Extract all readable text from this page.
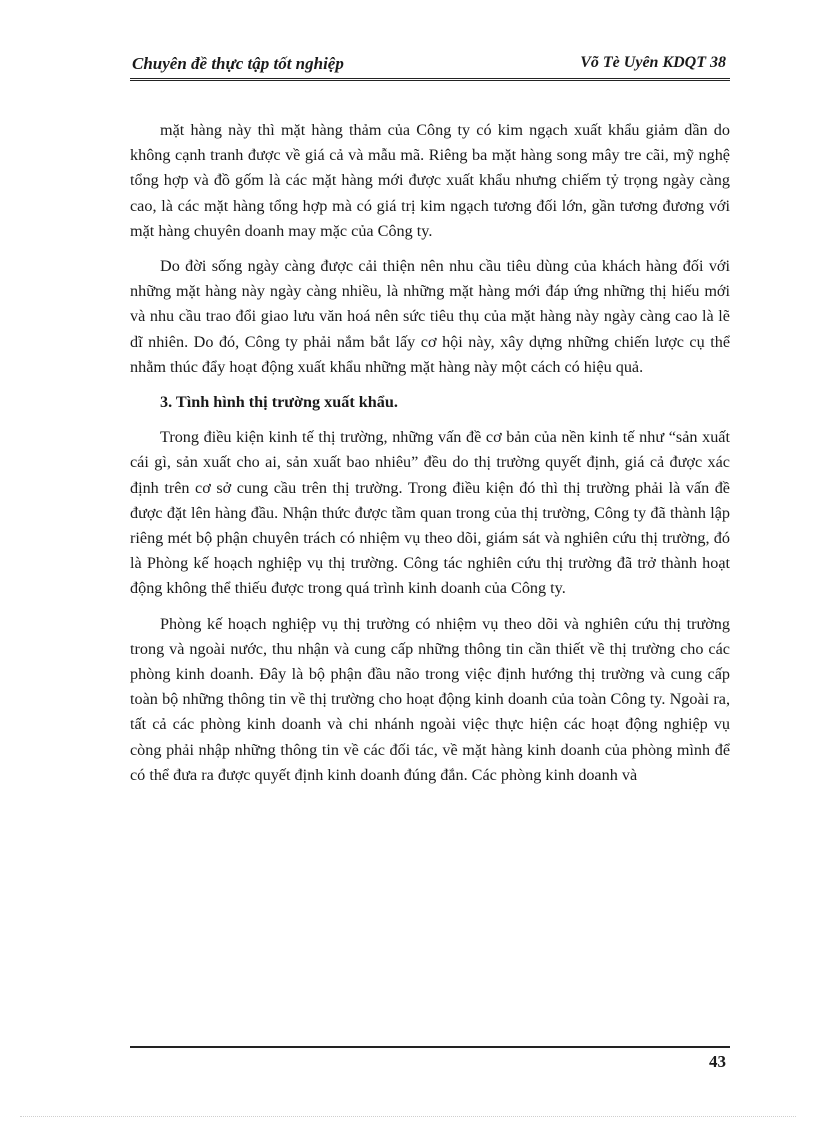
Chuyên đề thực tập tốt nghiệp	Võ Tè Uyên KDQT 38

mặt hàng này thì mặt hàng thảm của Công ty có kim ngạch xuất khẩu giảm dần do không cạnh tranh được về giá cả và mẫu mã. Riêng ba mặt hàng song mây tre cãi, mỹ nghệ tổng hợp và đồ gốm là các mặt hàng mới được xuất khẩu nhưng chiếm tỷ trọng ngày càng cao, là các mặt hàng tổng hợp mà có giá trị kim ngạch tương đối lớn, gần tương đương với mặt hàng chuyên doanh may mặc của Công ty.

Do đời sống ngày càng được cải thiện nên nhu cầu tiêu dùng của khách hàng đối với những mặt hàng này ngày càng nhiều, là những mặt hàng mới đáp ứng những thị hiếu mới và nhu cầu trao đổi giao lưu văn hoá nên sức tiêu thụ của mặt hàng này ngày càng cao là lẽ dĩ nhiên. Do đó, Công ty phải nắm bắt lấy cơ hội này, xây dựng những chiến lược cụ thể nhằm thúc đẩy hoạt động xuất khẩu những mặt hàng này một cách có hiệu quả.

3. Tình hình thị trường xuất khẩu.

Trong điều kiện kinh tế thị trường, những vấn đề cơ bản của nền kinh tế như “sản xuất cái gì, sản xuất cho ai, sản xuất bao nhiêu” đều do thị trường quyết định, giá cả được xác định trên cơ sở cung cầu trên thị trường. Trong điều kiện đó thì thị trường phải là vấn đề được đặt lên hàng đầu. Nhận thức được tầm quan trong của thị trường, Công ty đã thành lập riêng mét bộ phận chuyên trách có nhiệm vụ theo dõi, giám sát và nghiên cứu thị trường, đó là Phòng kế hoạch nghiệp vụ thị trường. Công tác nghiên cứu thị trường đã trở thành hoạt động không thể thiếu được trong quá trình kinh doanh của Công ty.

Phòng kế hoạch nghiệp vụ thị trường có nhiệm vụ theo dõi và nghiên cứu thị trường trong và ngoài nước, thu nhận và cung cấp những thông tin cần thiết về thị trường cho các phòng kinh doanh. Đây là bộ phận đầu não trong việc định hướng thị trường và cung cấp toàn bộ những thông tin về thị trường cho hoạt động kinh doanh của toàn Công ty. Ngoài ra, tất cả các phòng kinh doanh và chi nhánh ngoài việc thực hiện các hoạt động nghiệp vụ còng phải nhập những thông tin về các đối tác, về mặt hàng kinh doanh của phòng mình để có thể đưa ra được quyết định kinh doanh đúng đắn. Các phòng kinh doanh và

43
